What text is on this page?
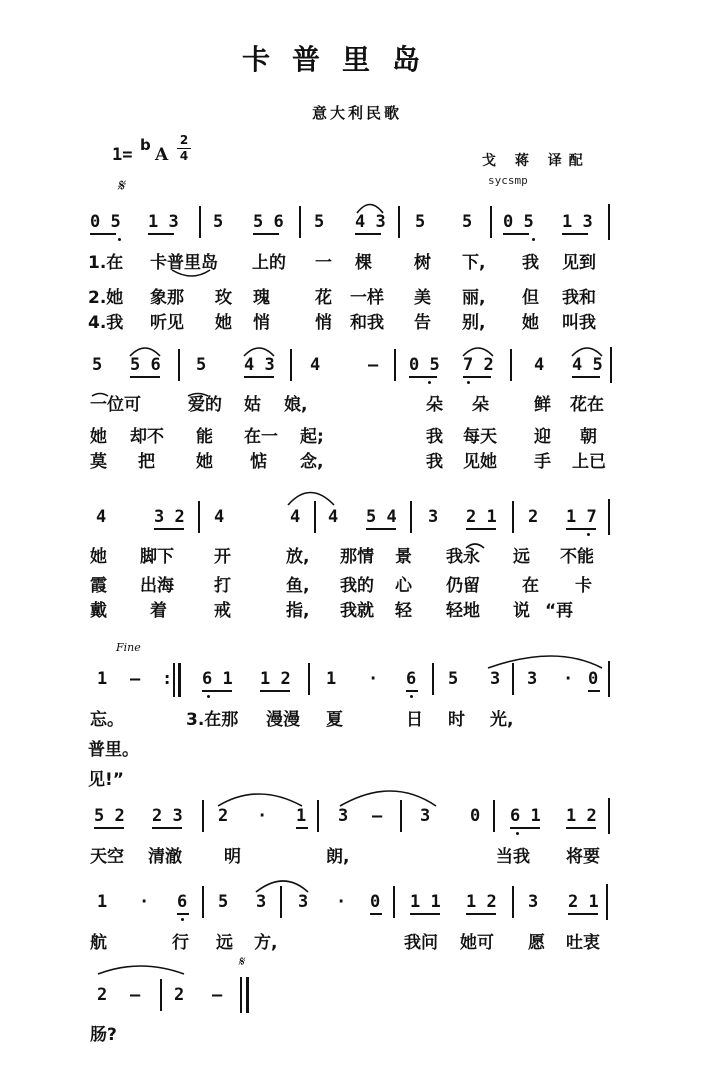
卡普里岛
意大利民歌
1= b A
2
4	戈 蒋 译配
sycsmp
𝄋
𝄋
Fine
0 5 1 3 5 5 6 5 4 3 5 5 0 5 1 3
1.在 卡普里岛 上的 一 棵 树 下, 我 见到
2.她 象那 玫 瑰	花 一样 美 丽, 但 我和
4.我 听见 她 悄	悄 和我 告 别, 她 叫我
5 5 6 5 4 3 4	— 0 5 7 2 4 4 5
一位可	爱的 姑 娘,	朵 朵	鲜 花在
她 却不 能 在一 起;	我 每天 迎 朝
莫 把 她 惦 念,	我 见她 手 上已
4	3 2 4	4 4 5 4 3 2 1 2 1 7
她 脚下 开	放, 那情 景 我永 远 不能
霞 出海 打	鱼, 我的 心 仍留 在 卡
戴	着	戒	指, 我就 轻 轻地 说 “再
1 — : 6 1 1 2 1 · 6 5 3 3 · 0
忘。	3.在那 漫漫 夏	日 时 光,
普里。
见!”
5 2 2 3 2 · 1 3 — 3 0 6 1 1 2
天空 清澈 明	朗,	当我 将要
1 · 6 5 3 3 · 0 1 1 1 2 3 2 1
航	行 远 方,	我问 她可 愿 吐衷
2 — 2 —
肠?
